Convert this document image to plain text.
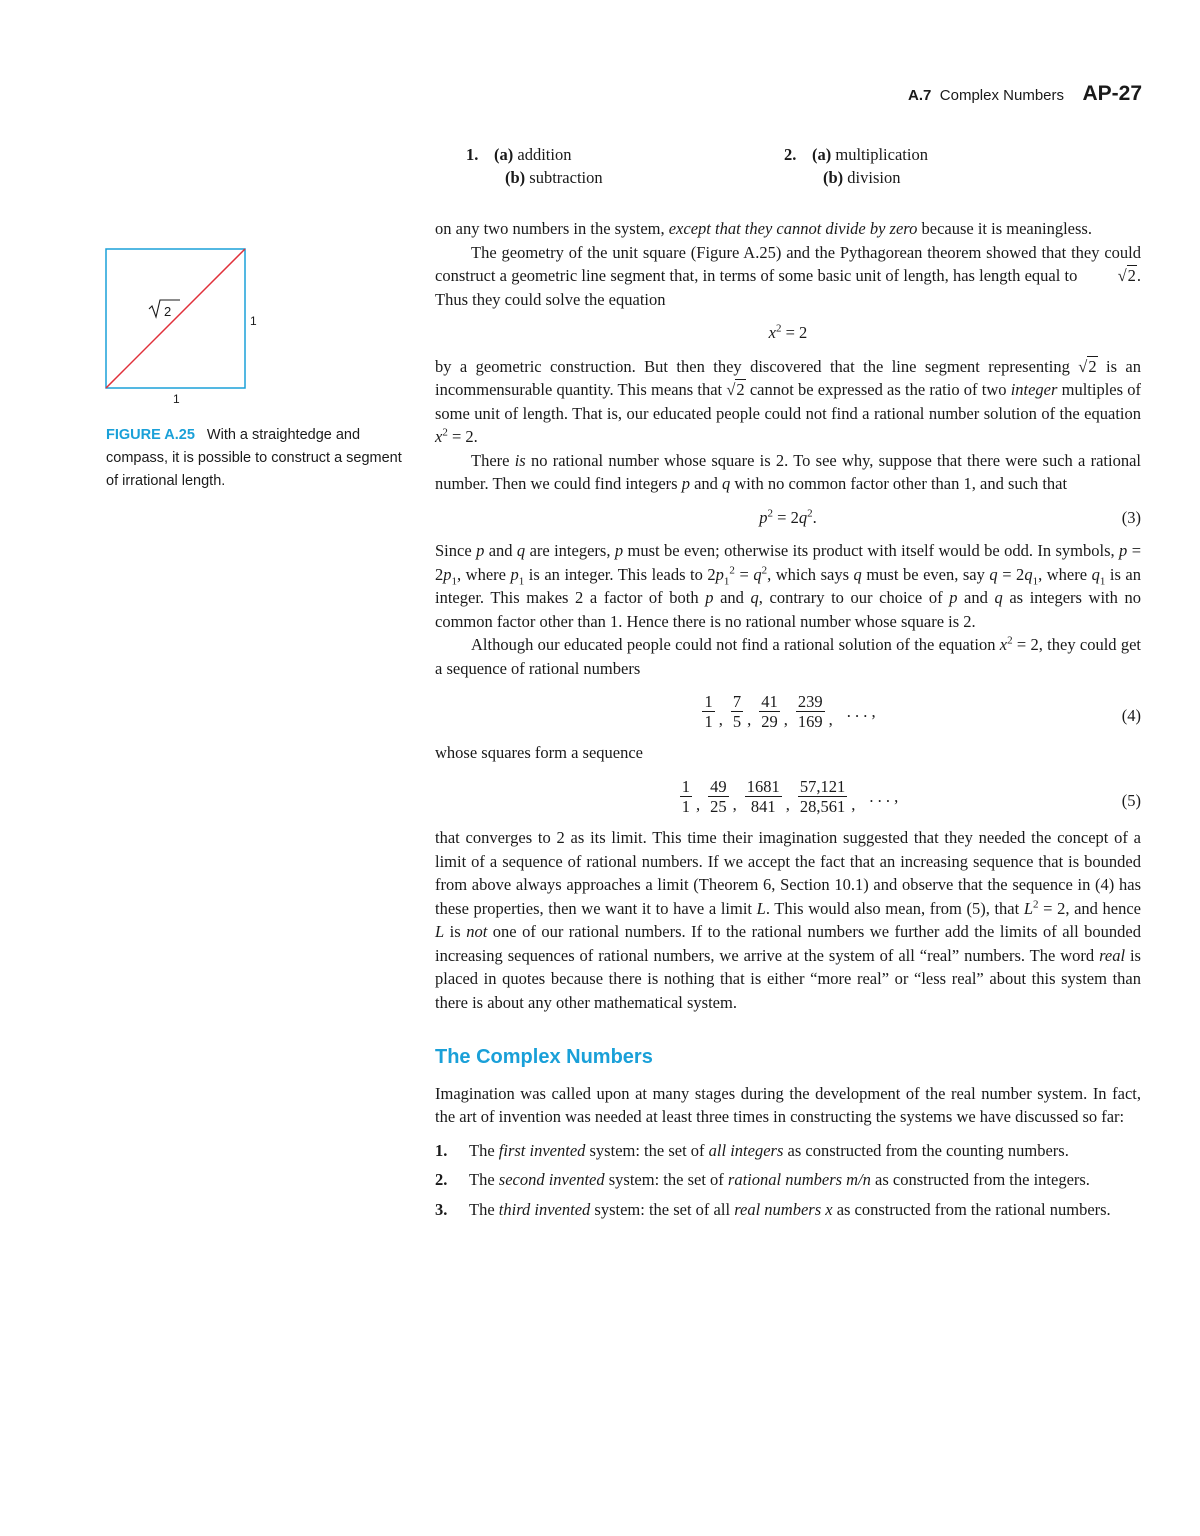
A.7 Complex Numbers AP-27
1. (a) addition
(b) subtraction
2. (a) multiplication
(b) division
2
1
1
FIGURE A.25 With a straightedge and compass, it is possible to construct a segment of irrational length.

on any two numbers in the system, except that they cannot divide by zero because it is meaningless.

The geometry of the unit square (Figure A.25) and the Pythagorean theorem showed that they could construct a geometric line segment that, in terms of some basic unit of length, has length equal to √2. Thus they could solve the equation

$x^2 = 2$

by a geometric construction. But then they discovered that the line segment representing √2 is an incommensurable quantity. This means that √2 cannot be expressed as the ratio of two integer multiples of some unit of length. That is, our educated people could not find a rational number solution of the equation $x^2 = 2$.

There is no rational number whose square is 2. To see why, suppose that there were such a rational number. Then we could find integers p and q with no common factor other than 1, and such that

$p^2 = 2q^2$.	(3)

Since p and q are integers, p must be even; otherwise its product with itself would be odd. In symbols, $p = 2p_1$, where $p_1$ is an integer. This leads to $2p_1^2 = q^2$, which says q must be even, say $q = 2q_1$, where $q_1$ is an integer. This makes 2 a factor of both p and q, contrary to our choice of p and q as integers with no common factor other than 1. Hence there is no rational number whose square is 2.

Although our educated people could not find a rational solution of the equation $x^2 = 2$, they could get a sequence of rational numbers

$\frac{1}{1}$ , $\frac{7}{5}$ , $\frac{41}{29}$ , $\frac{239}{169}$ , . . . ,	(4)

whose squares form a sequence

$\frac{1}{1}$ , $\frac{49}{25}$ , $\frac{1681}{841}$ , $\frac{57,121}{28,561}$ , . . . ,	(5)

that converges to 2 as its limit. This time their imagination suggested that they needed the concept of a limit of a sequence of rational numbers. If we accept the fact that an increasing sequence that is bounded from above always approaches a limit (Theorem 6, Section 10.1) and observe that the sequence in (4) has these properties, then we want it to have a limit L. This would also mean, from (5), that $L^2 = 2$, and hence L is not one of our rational numbers. If to the rational numbers we further add the limits of all bounded increasing sequences of rational numbers, we arrive at the system of all “real” numbers. The word real is placed in quotes because there is nothing that is either “more real” or “less real” about this system than there is about any other mathematical system.

The Complex Numbers

Imagination was called upon at many stages during the development of the real number system. In fact, the art of invention was needed at least three times in constructing the systems we have discussed so far:

1. The first invented system: the set of all integers as constructed from the counting numbers.
2. The second invented system: the set of rational numbers m/n as constructed from the integers.
3. The third invented system: the set of all real numbers x as constructed from the rational numbers.
